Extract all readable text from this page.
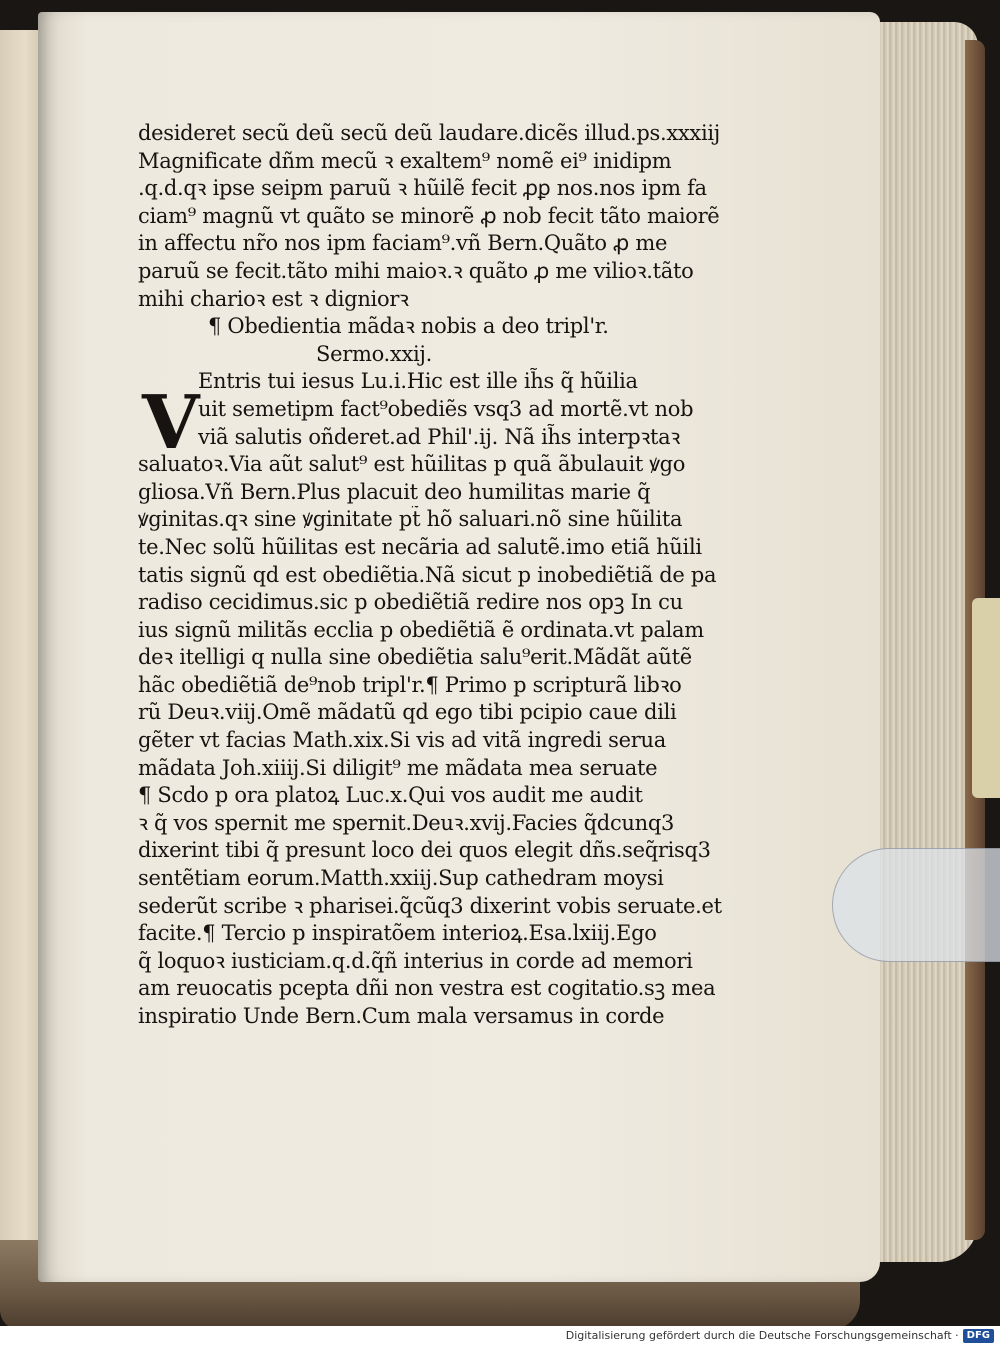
V
desideret secũ deũ secũ deũ laudare.dicẽs illud.ps.xxxiij
Magnificate dñm mecũ ꝛ exaltem⁹ nomẽ ei⁹ inidipm
.q.d.qꝛ ipse seipm paruũ ꝛ hũilẽ fecit ꝓꝑ nos.nos ipm fa
ciam⁹ magnũ vt quãto se minorẽ ꝓ nob fecit tãto maiorẽ
in affectu nr̃o nos ipm faciam⁹.vñ Bern.Quãto ꝓ me
paruũ se fecit.tãto mihi maioꝛ.ꝛ quãto ꝓ me vilioꝛ.tãto
mihi charioꝛ est ꝛ digniorꝛ
¶ Obedientia mãdaꝛ nobis a deo tripl'r.
Sermo.xxij.
Entris tui iesus Lu.i.Hic est ille ih̃s q̃ hũilia
uit semetipm fact⁹obediẽs vsq3 ad mortẽ.vt nob
viã salutis oñderet.ad Phil'.ij. Nã ih̃s interpꝛtaꝛ
saluatoꝛ.Via aũt salut⁹ est hũilitas p quã ãbulauit ꝟgo
gliosa.Vñ Bern.Plus placuit deo humilitas marie q̃
ꝟginitas.qꝛ sine ꝟginitate pt̃ hõ saluari.nõ sine hũilita
te.Nec solũ hũilitas est necãria ad salutẽ.imo etiã hũili
tatis signũ qd est obediẽtia.Nã sicut p inobediẽtiã de pa
radiso cecidimus.sic p obediẽtiã redire nos opꝫ In cu
ius signũ militãs ecclia p obediẽtiã ẽ ordinata.vt palam
deꝛ itelligi q nulla sine obediẽtia salu⁹erit.Mãdãt aũtẽ
hãc obediẽtiã de⁹nob tripl'r.¶ Primo p scripturã libꝛo
rũ Deuꝛ.viij.Omẽ mãdatũ qd ego tibi pcipio caue dili
gẽter vt facias Math.xix.Si vis ad vitã ingredi serua
mãdata Joh.xiiij.Si diligit⁹ me mãdata mea seruate
¶ Scdo p ora platoꝝ Luc.x.Qui vos audit me audit
ꝛ q̃ vos spernit me spernit.Deuꝛ.xvij.Facies q̃dcunq3
dixerint tibi q̃ presunt loco dei quos elegit dñs.seq̃risq3
sentẽtiam eorum.Matth.xxiij.Sup cathedram moysi
sederũt scribe ꝛ pharisei.q̃cũq3 dixerint vobis seruate.et
facite.¶ Tercio p inspiratõem interioꝝ.Esa.lxiij.Ego
q̃ loquoꝛ iusticiam.q.d.q̃ñ interius in corde ad memori
am reuocatis pcepta dñi non vestra est cogitatio.sꝫ mea
inspiratio Unde Bern.Cum mala versamus in corde
Digitalisierung gefördert durch die Deutsche Forschungsgemeinschaft · DFG
